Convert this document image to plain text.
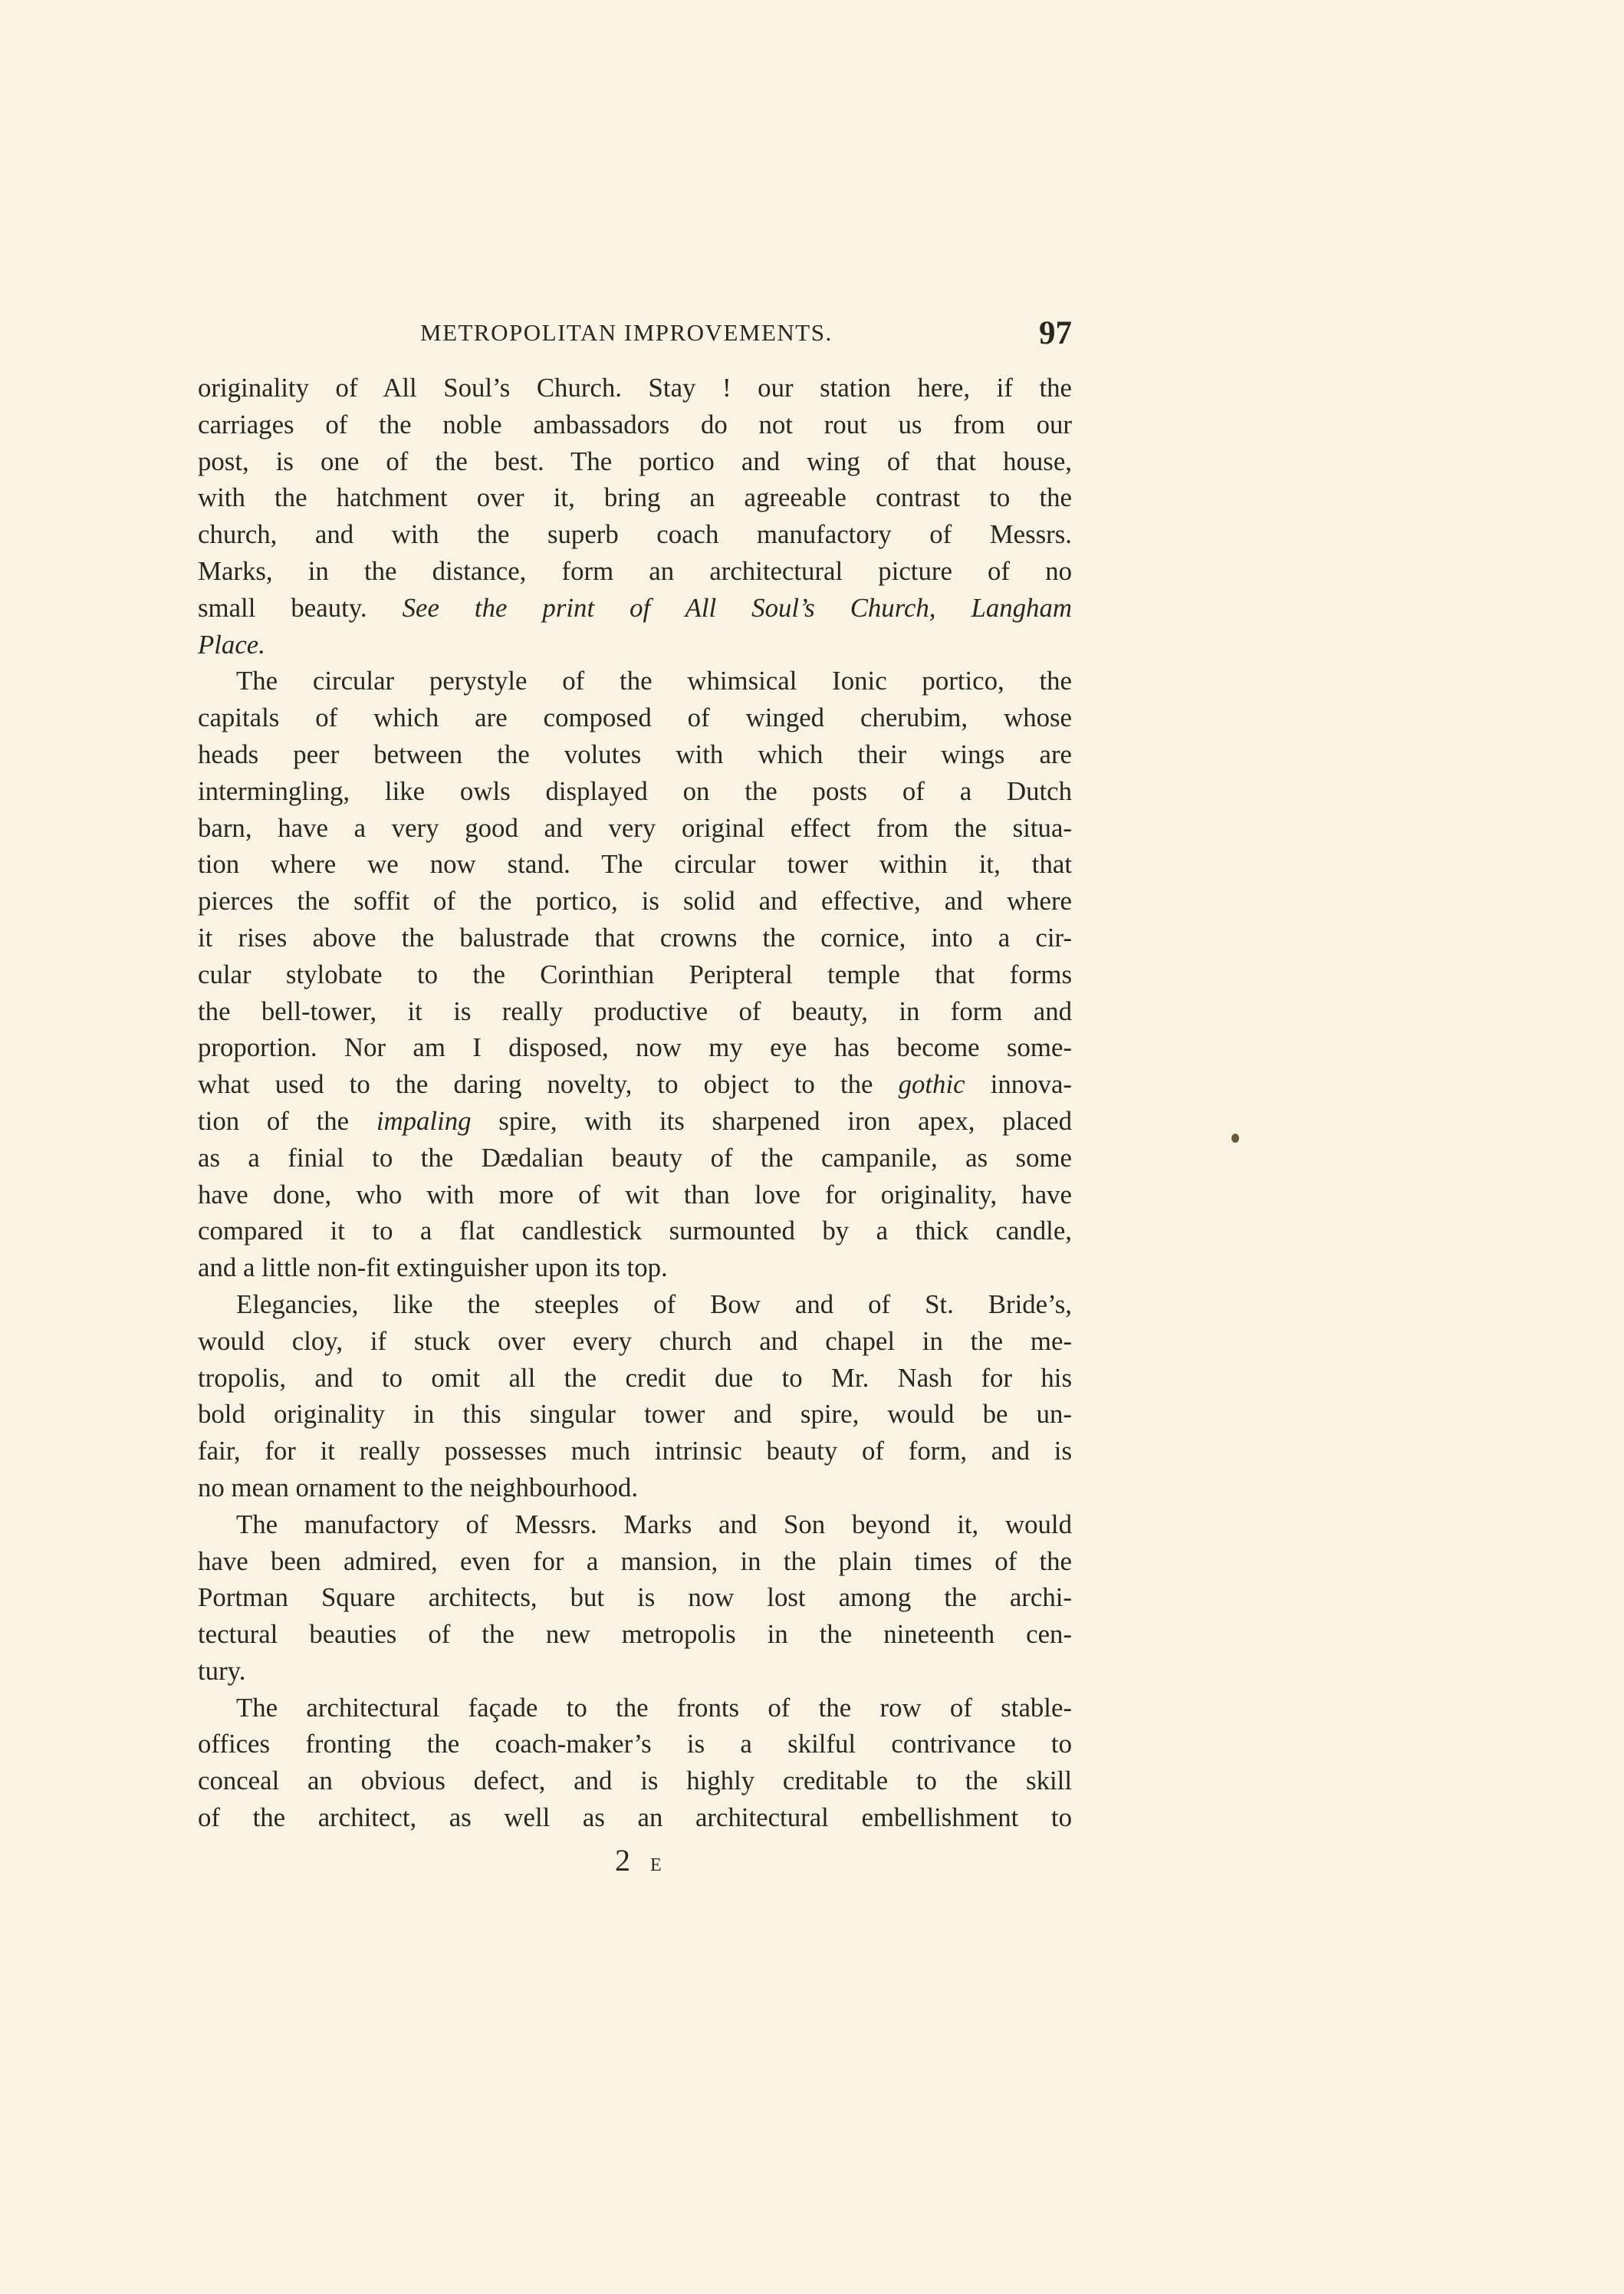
METROPOLITAN IMPROVEMENTS.	97
originality of All Soul’s Church. Stay ! our station here, if the
carriages of the noble ambassadors do not rout us from our
post, is one of the best. The portico and wing of that house,
with the hatchment over it, bring an agreeable contrast to the
church, and with the superb coach manufactory of Messrs.
Marks, in the distance, form an architectural picture of no
small beauty. See the print of All Soul’s Church, Langham
Place.
The circular perystyle of the whimsical Ionic portico, the
capitals of which are composed of winged cherubim, whose
heads peer between the volutes with which their wings are
intermingling, like owls displayed on the posts of a Dutch
barn, have a very good and very original effect from the situa-
tion where we now stand. The circular tower within it, that
pierces the soffit of the portico, is solid and effective, and where
it rises above the balustrade that crowns the cornice, into a cir-
cular stylobate to the Corinthian Peripteral temple that forms
the bell-tower, it is really productive of beauty, in form and
proportion. Nor am I disposed, now my eye has become some-
what used to the daring novelty, to object to the gothic innova-
tion of the impaling spire, with its sharpened iron apex, placed
as a finial to the Dædalian beauty of the campanile, as some
have done, who with more of wit than love for originality, have
compared it to a flat candlestick surmounted by a thick candle,
and a little non-fit extinguisher upon its top.
Elegancies, like the steeples of Bow and of St. Bride’s,
would cloy, if stuck over every church and chapel in the me-
tropolis, and to omit all the credit due to Mr. Nash for his
bold originality in this singular tower and spire, would be un-
fair, for it really possesses much intrinsic beauty of form, and is
no mean ornament to the neighbourhood.
The manufactory of Messrs. Marks and Son beyond it, would
have been admired, even for a mansion, in the plain times of the
Portman Square architects, but is now lost among the archi-
tectural beauties of the new metropolis in the nineteenth cen-
tury.
The architectural façade to the fronts of the row of stable-
offices fronting the coach-maker’s is a skilful contrivance to
conceal an obvious defect, and is highly creditable to the skill
of the architect, as well as an architectural embellishment to
2 E
